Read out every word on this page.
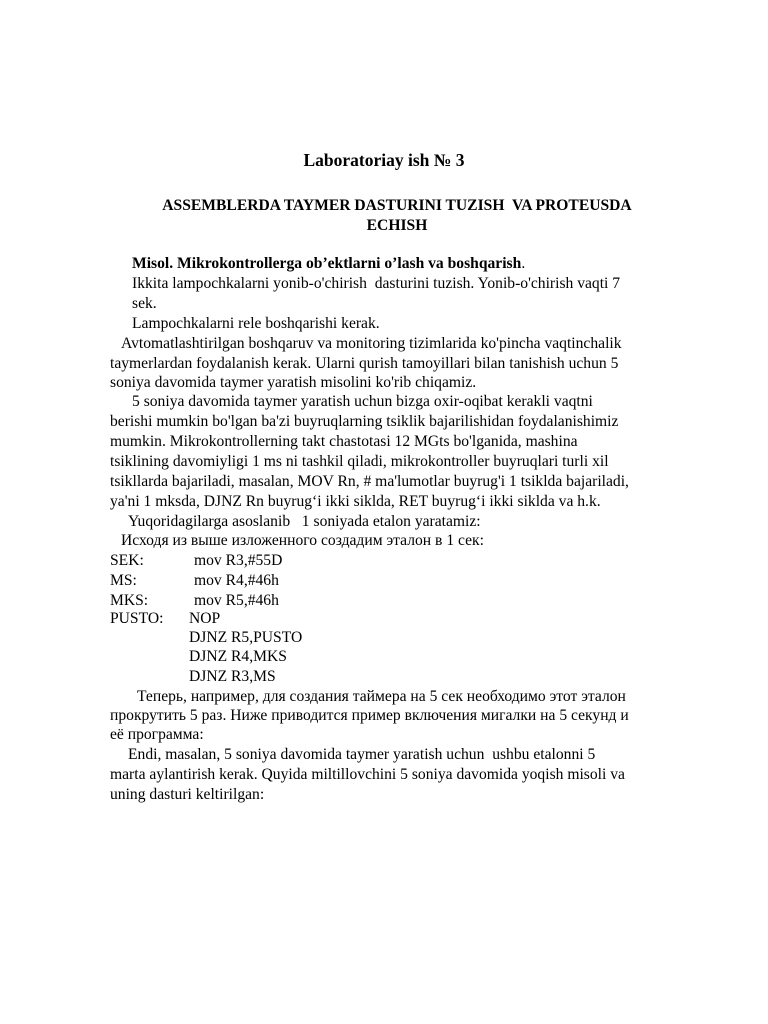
Laboratoriay ish № 3
ASSEMBLERDA TAYMER DASTURINI TUZISH  VA PROTEUSDA
ECHISH
Misol. Mikrokontrollerga ob’ektlarni o’lash va boshqarish.
Ikkita lampochkalarni yonib-o'chirish  dasturini tuzish. Yonib-o'chirish vaqti 7
sek.
Lampochkalarni rele boshqarishi kerak.
Avtomatlashtirilgan boshqaruv va monitoring tizimlarida ko'pincha vaqtinchalik
taymerlardan foydalanish kerak. Ularni qurish tamoyillari bilan tanishish uchun 5
soniya davomida taymer yaratish misolini ko'rib chiqamiz.
5 soniya davomida taymer yaratish uchun bizga oxir-oqibat kerakli vaqtni
berishi mumkin bo'lgan ba'zi buyruqlarning tsiklik bajarilishidan foydalanishimiz
mumkin. Mikrokontrollerning takt chastotasi 12 MGts bo'lganida, mashina
tsiklining davomiyligi 1 ms ni tashkil qiladi, mikrokontroller buyruqlari turli xil
tsikllarda bajariladi, masalan, MOV Rn, # ma'lumotlar buyrug'i 1 tsiklda bajariladi,
ya'ni 1 mksda, DJNZ Rn buyrug‘i ikki siklda, RET buyrug‘i ikki siklda va h.k.
Yuqoridagilarga asoslanib   1 soniyada etalon yaratamiz:
Исходя из выше изложенного создадим эталон в 1 сек:
SEK:	mov R3,#55D
MS:	mov R4,#46h
MKS:	mov R5,#46h
PUSTO: NOP
DJNZ R5,PUSTO
DJNZ R4,MKS
DJNZ R3,MS
Теперь, например, для создания таймера на 5 сек необходимо этот эталон
прокрутить 5 раз. Ниже приводится пример включения мигалки на 5 секунд и
её программа:
Endi, masalan, 5 soniya davomida taymer yaratish uchun  ushbu etalonni 5
marta aylantirish kerak. Quyida miltillovchini 5 soniya davomida yoqish misoli va
uning dasturi keltirilgan:
